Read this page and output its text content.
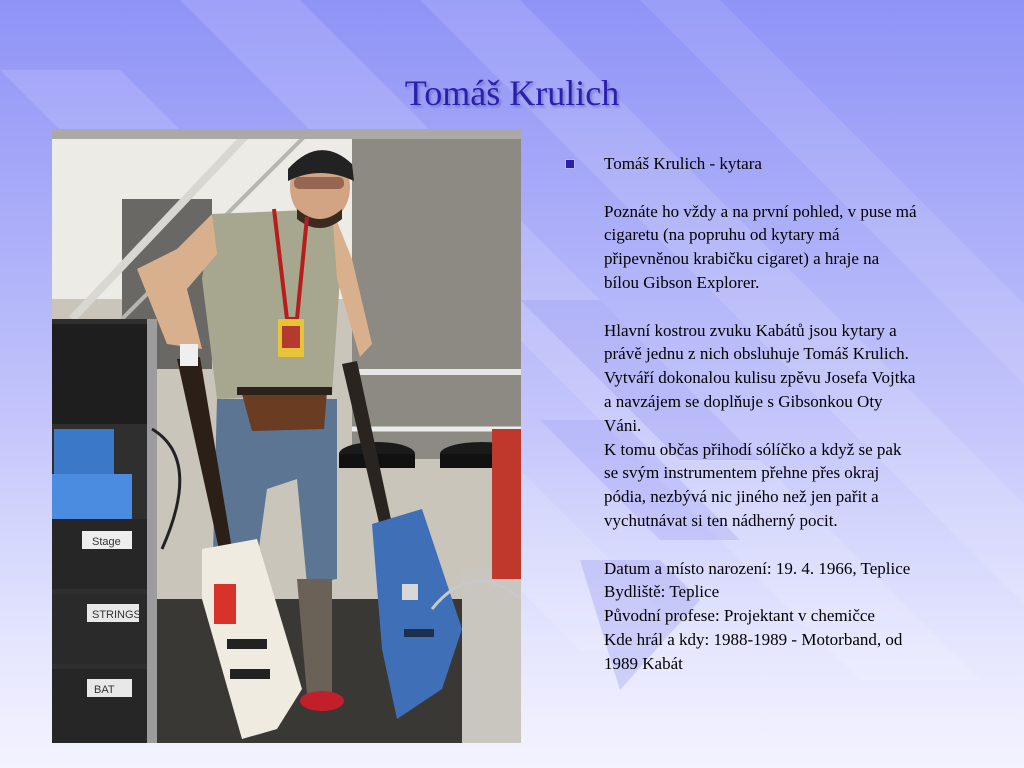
Tomáš Krulich
Stage
STRINGS
BAT
Tomáš Krulich - kytara
Poznáte ho vždy a na první pohled, v puse má
cigaretu (na popruhu od kytary má
připevněnou krabičku cigaret) a hraje na
bílou Gibson Explorer.
Hlavní kostrou zvuku Kabátů jsou kytary a
právě jednu z nich obsluhuje Tomáš Krulich.
Vytváří dokonalou kulisu zpěvu Josefa Vojtka
a navzájem se doplňuje s Gibsonkou Oty
Váni.
K tomu občas přihodí sólíčko a když se pak
se svým instrumentem přehne přes okraj
pódia, nezbývá nic jiného než jen pařit a
vychutnávat si ten nádherný pocit.
Datum a místo narození: 19. 4. 1966, Teplice
Bydliště: Teplice
Původní profese: Projektant v chemičce
Kde hrál a kdy: 1988-1989 - Motorband, od
1989 Kabát
